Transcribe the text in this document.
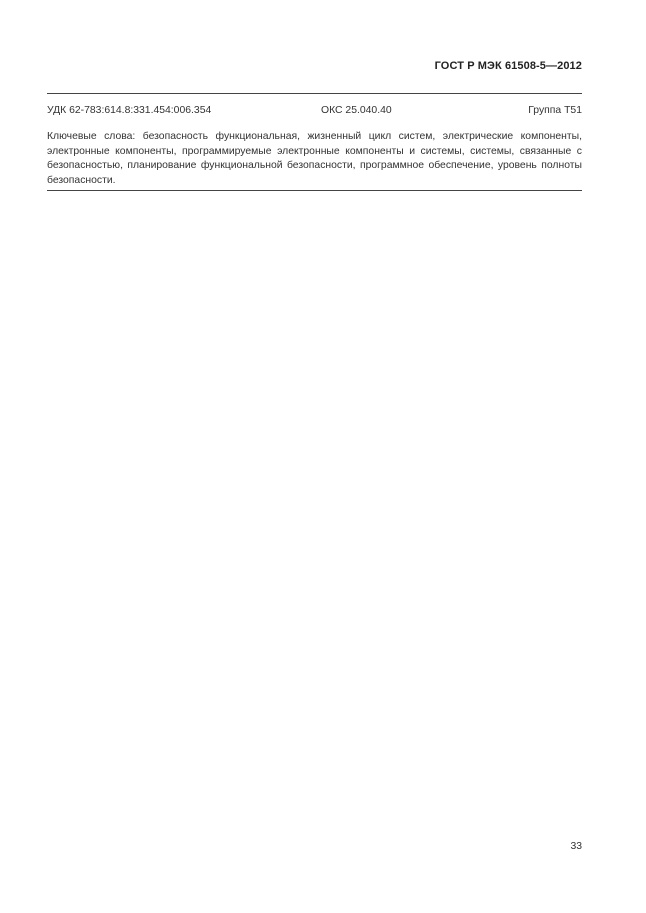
ГОСТ Р МЭК 61508-5—2012
УДК 62-783:614.8:331.454:006.354	ОКС 25.040.40	Группа Т51
Ключевые слова: безопасность функциональная, жизненный цикл систем, электрические компоненты, электронные компоненты, программируемые электронные компоненты и системы, системы, связанные с безопасностью, планирование функциональной безопасности, программное обеспечение, уровень полноты безопасности.
33
